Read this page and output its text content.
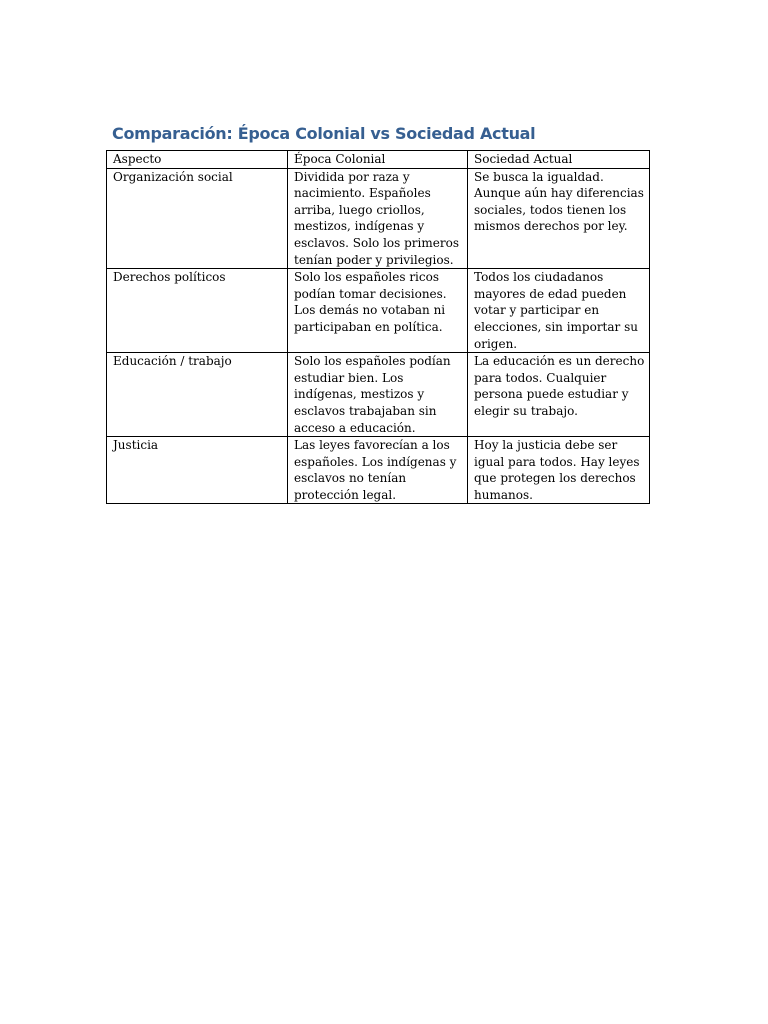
Comparación: Época Colonial vs Sociedad Actual
Aspecto	Época Colonial	Sociedad Actual
Organización social	Dividida por raza y nacimiento. Españoles arriba, luego criollos, mestizos, indígenas y esclavos. Solo los primeros tenían poder y privilegios.	Se busca la igualdad. Aunque aún hay diferencias sociales, todos tienen los mismos derechos por ley.
Derechos políticos	Solo los españoles ricos podían tomar decisiones. Los demás no votaban ni participaban en política.	Todos los ciudadanos mayores de edad pueden votar y participar en elecciones, sin importar su origen.
Educación / trabajo	Solo los españoles podían estudiar bien. Los indígenas, mestizos y esclavos trabajaban sin acceso a educación.	La educación es un derecho para todos. Cualquier persona puede estudiar y elegir su trabajo.
Justicia	Las leyes favorecían a los españoles. Los indígenas y esclavos no tenían protección legal.	Hoy la justicia debe ser igual para todos. Hay leyes que protegen los derechos humanos.
